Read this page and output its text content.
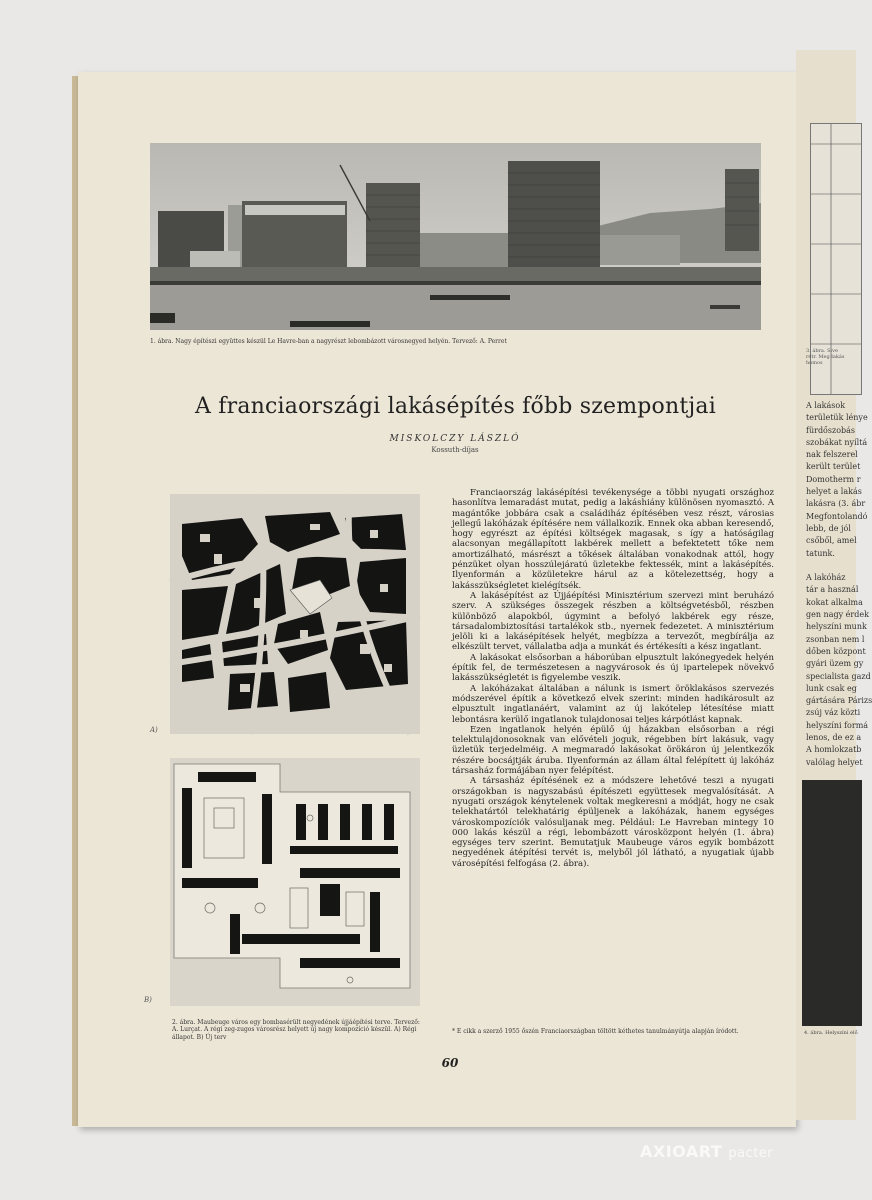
1. ábra. Nagy építészi együttes készül Le Havre-ban a nagyrészt lebombázott városnegyed helyén. Tervező: A. Perret
A franciaországi lakásépítés főbb szempontjai
MISKOLCZY LÁSZLÓ
Kossuth-díjas
A)
B)
2. ábra. Maubeuge város egy bombasérült negyedének újjáépítési terve. Tervező: A. Lurçat. A régi zeg-zugos városrész helyett új nagy kompozíció készül. A) Régi állapot. B) Új terv

Franciaország lakásépítési tevékenysége a többi nyugati országhoz hasonlítva lemaradást mutat, pedig a lakáshiány különösen nyomasztó. A magántőke jobbára csak a családiház építésében vesz részt, városias jellegű lakóházak építésére nem vállalkozik. Ennek oka abban keresendő, hogy egyrészt az építési költségek magasak, s így a hatóságilag alacsonyan megállapított lakbérek mellett a befektetett tőke nem amortizálható, másrészt a tőkések általában vonakodnak attól, hogy pénzüket olyan hosszúlejáratú üzletekbe fektessék, mint a lakásépítés. Ilyenformán a közületekre hárul az a kötelezettség, hogy a lakásszükségletet kielégítsék.

A lakásépítést az Újjáépítési Minisztérium szervezi mint beruházó szerv. A szükséges összegek részben a költségvetésből, részben különböző alapokból, úgymint a befolyó lakbérek egy része, társadalombiztosítási tartalékok stb., nyernek fedezetet. A minisztérium jelöli ki a lakásépítések helyét, megbízza a tervezőt, megbírálja az elkészült tervet, vállalatba adja a munkát és értékesíti a kész ingatlant.

A lakásokat elsősorban a háborúban elpusztult lakónegyedek helyén építik fel, de természetesen a nagyvárosok és új ipartelepek növekvő lakásszükségletét is figyelembe veszik.

A lakóházakat általában a nálunk is ismert öröklakásos szervezés módszerével építik a következő elvek szerint: minden hadikárosult az elpusztult ingatlanáért, valamint az új lakótelep létesítése miatt lebontásra kerülő ingatlanok tulajdonosai teljes kárpótlást kapnak.

Ezen ingatlanok helyén épülő új házakban elsősorban a régi telektulajdonosoknak van elővételi joguk, régebben bírt lakásuk, vagy üzletük terjedelméig. A megmaradó lakásokat örökáron új jelentkezők részére bocsájtják áruba. Ilyenformán az állam által felépített új lakóház társasház formájában nyer felépítést.

A társasház építésének ez a módszere lehetővé teszi a nyugati országokban is nagyszabású építészeti együttesek megvalósítását. A nyugati országok kénytelenek voltak megkeresni a módját, hogy ne csak telekhatártól telekhatárig épüljenek a lakóházak, hanem egységes városkompozíciók valósuljanak meg. Például: Le Havreban mintegy 10 000 lakás készül a régi, lebombázott városközpont helyén (1. ábra) egységes terv szerint. Bemutatjuk Maubeuge város egyik bombázott negyedének átépítési tervét is, melyből jól látható, a nyugatiak újabb városépítési felfogása (2. ábra).

* E cikk a szerző 1955 őszén Franciaországban töltött kéthetes tanulmányútja alapján íródott.
60
A lakások
területük lénye
fürdőszobás
szobákat nyíltá
nak felszerel
került terület
Domotherm r
helyet a lakás
lakásra (3. ábr
Megfontolandó
lebb, de jól
csőből, amel
tatunk.

A lakóház
tár a használ
kokat alkalma
gen nagy érdek
helyszíni munk
zsonban nem l
dőben központ
gyári üzem gy
specialista gazd
lunk csak eg
gártására Párizs
zsúj váz közti
helyszíni formá
lenos, de ez a
A homlokzatb
valólag helyet
4. ábra. Helyszíni elő
3. ábra. Sive rétr. Meg lakás homos
AXIOART pacter
